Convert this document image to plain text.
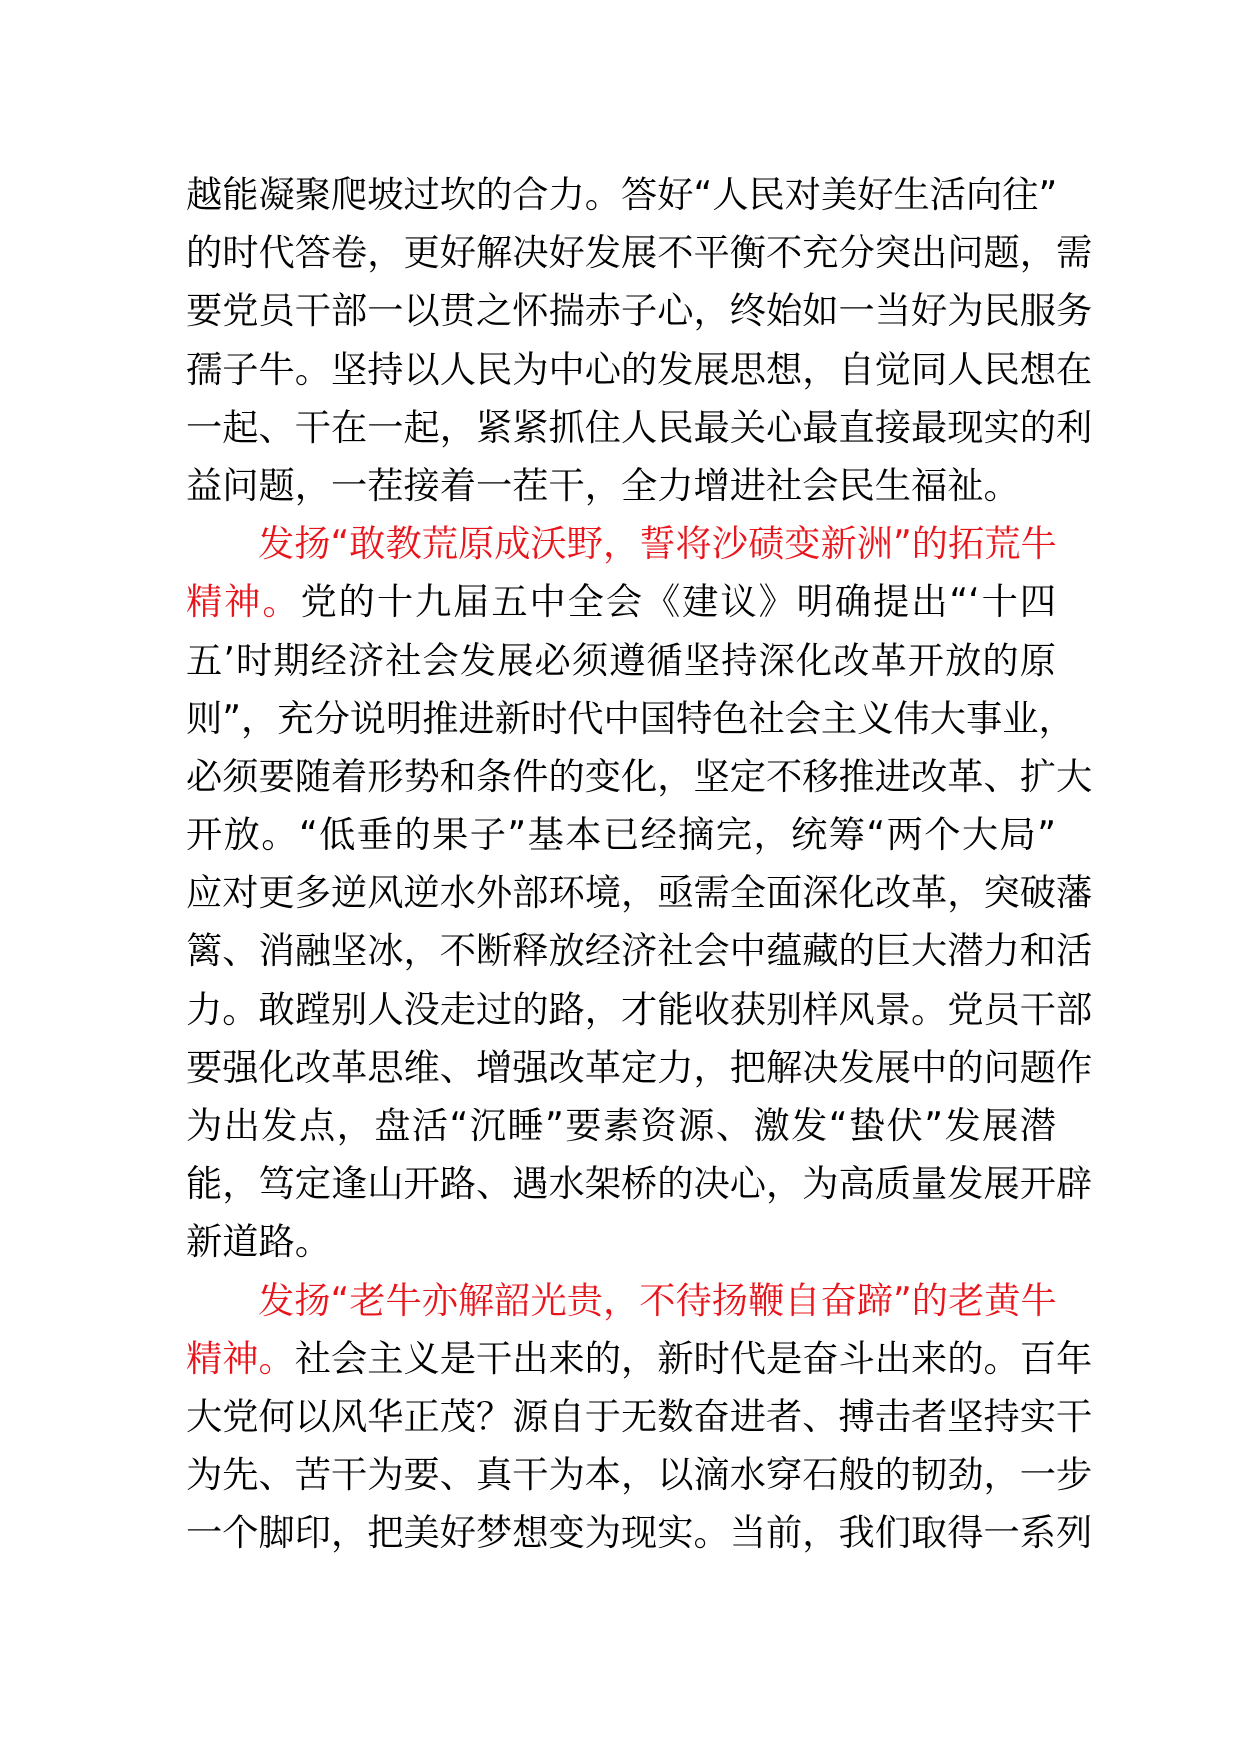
越能凝聚爬坡过坎的合力。答好“人民对美好生活向往”
的时代答卷，更好解决好发展不平衡不充分突出问题，需
要党员干部一以贯之怀揣赤子心，终始如一当好为民服务
孺子牛。坚持以人民为中心的发展思想，自觉同人民想在
一起、干在一起，紧紧抓住人民最关心最直接最现实的利
益问题，一茬接着一茬干，全力增进社会民生福祉。
发扬“敢教荒原成沃野，誓将沙碛变新洲”的拓荒牛
精神。党的十九届五中全会《建议》明确提出“‘十四
五’时期经济社会发展必须遵循坚持深化改革开放的原
则”，充分说明推进新时代中国特色社会主义伟大事业，
必须要随着形势和条件的变化，坚定不移推进改革、扩大
开放。“低垂的果子”基本已经摘完，统筹“两个大局”
应对更多逆风逆水外部环境，亟需全面深化改革，突破藩
篱、消融坚冰，不断释放经济社会中蕴藏的巨大潜力和活
力。敢蹚别人没走过的路，才能收获别样风景。党员干部
要强化改革思维、增强改革定力，把解决发展中的问题作
为出发点，盘活“沉睡”要素资源、激发“蛰伏”发展潜
能，笃定逢山开路、遇水架桥的决心，为高质量发展开辟
新道路。
发扬“老牛亦解韶光贵，不待扬鞭自奋蹄”的老黄牛
精神。社会主义是干出来的，新时代是奋斗出来的。百年
大党何以风华正茂？源自于无数奋进者、搏击者坚持实干
为先、苦干为要、真干为本，以滴水穿石般的韧劲，一步
一个脚印，把美好梦想变为现实。当前，我们取得一系列
